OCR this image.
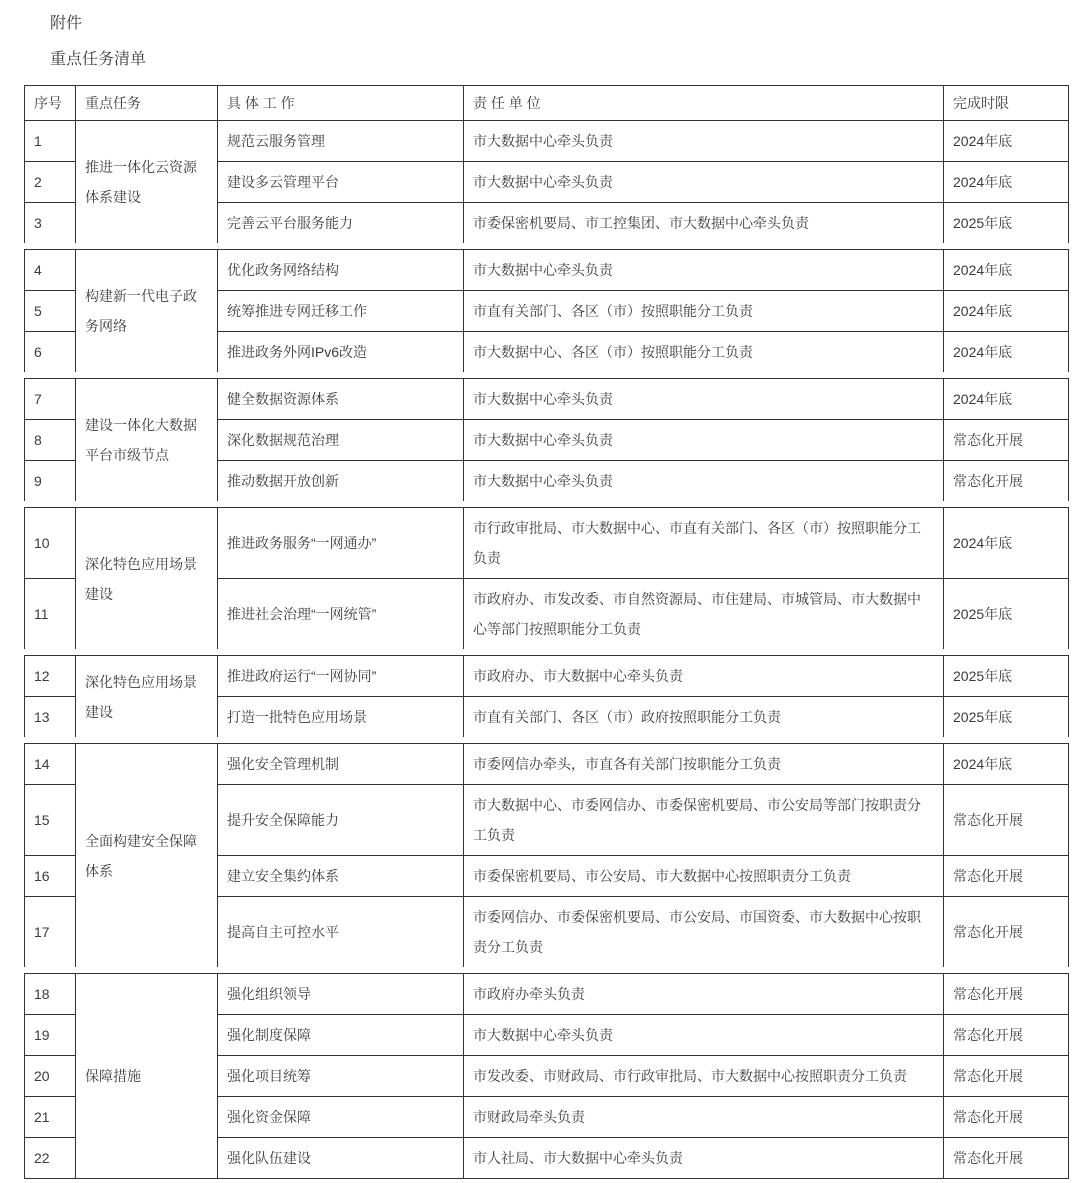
附件

重点任务清单

序号	重点任务	具 体 工 作	责 任 单 位	完成时限
1	推进一体化云资源体系建设	规范云服务管理	市大数据中心牵头负责	2024年底
2		建设多云管理平台	市大数据中心牵头负责	2024年底
3		完善云平台服务能力	市委保密机要局、市工控集团、市大数据中心牵头负责	2025年底
4	构建新一代电子政务网络	优化政务网络结构	市大数据中心牵头负责	2024年底
5		统筹推进专网迁移工作	市直有关部门、各区（市）按照职能分工负责	2024年底
6		推进政务外网IPv6改造	市大数据中心、各区（市）按照职能分工负责	2024年底
7	建设一体化大数据平台市级节点	健全数据资源体系	市大数据中心牵头负责	2024年底
8		深化数据规范治理	市大数据中心牵头负责	常态化开展
9		推动数据开放创新	市大数据中心牵头负责	常态化开展
10	深化特色应用场景建设	推进政务服务“一网通办”	市行政审批局、市大数据中心、市直有关部门、各区（市）按照职能分工负责	2024年底
11		推进社会治理“一网统管”	市政府办、市发改委、市自然资源局、市住建局、市城管局、市大数据中心等部门按照职能分工负责	2025年底
12	深化特色应用场景建设	推进政府运行“一网协同”	市政府办、市大数据中心牵头负责	2025年底
13		打造一批特色应用场景	市直有关部门、各区（市）政府按照职能分工负责	2025年底
14	全面构建安全保障体系	强化安全管理机制	市委网信办牵头，市直各有关部门按职能分工负责	2024年底
15		提升安全保障能力	市大数据中心、市委网信办、市委保密机要局、市公安局等部门按职责分工负责	常态化开展
16		建立安全集约体系	市委保密机要局、市公安局、市大数据中心按照职责分工负责	常态化开展
17		提高自主可控水平	市委网信办、市委保密机要局、市公安局、市国资委、市大数据中心按职责分工负责	常态化开展
18	保障措施	强化组织领导	市政府办牵头负责	常态化开展
19		强化制度保障	市大数据中心牵头负责	常态化开展
20		强化项目统筹	市发改委、市财政局、市行政审批局、市大数据中心按照职责分工负责	常态化开展
21		强化资金保障	市财政局牵头负责	常态化开展
22		强化队伍建设	市人社局、市大数据中心牵头负责	常态化开展
